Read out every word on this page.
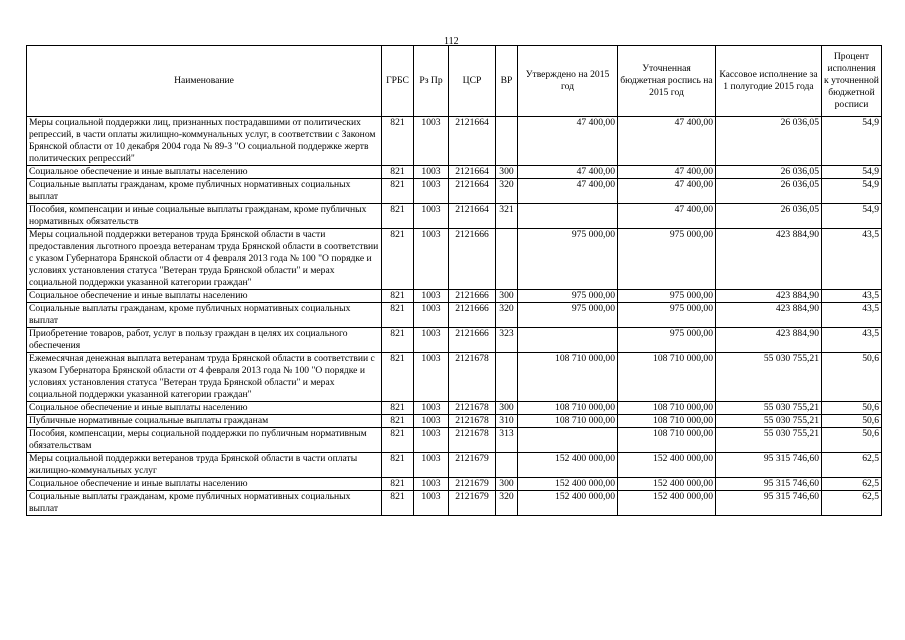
112
Наименование	ГРБС	Рз Пр	ЦСР	ВР	Утверждено на 2015 год	Уточненная бюджетная роспись на 2015 год	Кассовое исполнение за 1 полугодие 2015 года	Процент исполнения к уточненной бюджетной росписи
Меры социальной поддержки лиц, признанных пострадавшими от политических репрессий, в части оплаты жилищно-коммунальных услуг, в соответствии с Законом Брянской области от 10 декабря 2004 года № 89-З "О социальной поддержке жертв политических репрессий"	821	1003	2121664		47 400,00	47 400,00	26 036,05	54,9
Социальное обеспечение и иные выплаты населению	821	1003	2121664	300	47 400,00	47 400,00	26 036,05	54,9
Социальные выплаты гражданам, кроме публичных нормативных социальных выплат	821	1003	2121664	320	47 400,00	47 400,00	26 036,05	54,9
Пособия, компенсации и иные социальные выплаты гражданам, кроме публичных нормативных обязательств	821	1003	2121664	321		47 400,00	26 036,05	54,9
Меры социальной поддержки ветеранов труда Брянской области в части предоставления льготного проезда ветеранам труда Брянской области в соответствии с указом Губернатора Брянской области от 4 февраля 2013 года № 100 "О порядке и условиях установления статуса "Ветеран труда Брянской области" и мерах социальной поддержки указанной категории граждан"	821	1003	2121666		975 000,00	975 000,00	423 884,90	43,5
Социальное обеспечение и иные выплаты населению	821	1003	2121666	300	975 000,00	975 000,00	423 884,90	43,5
Социальные выплаты гражданам, кроме публичных нормативных социальных выплат	821	1003	2121666	320	975 000,00	975 000,00	423 884,90	43,5
Приобретение товаров, работ, услуг в пользу граждан в целях их социального обеспечения	821	1003	2121666	323		975 000,00	423 884,90	43,5
Ежемесячная денежная выплата ветеранам труда Брянской области в соответствии с указом Губернатора Брянской области от 4 февраля 2013 года № 100 "О порядке и условиях установления статуса "Ветеран труда Брянской области" и мерах социальной поддержки указанной категории граждан"	821	1003	2121678		108 710 000,00	108 710 000,00	55 030 755,21	50,6
Социальное обеспечение и иные выплаты населению	821	1003	2121678	300	108 710 000,00	108 710 000,00	55 030 755,21	50,6
Публичные нормативные социальные выплаты гражданам	821	1003	2121678	310	108 710 000,00	108 710 000,00	55 030 755,21	50,6
Пособия, компенсации, меры социальной поддержки по публичным нормативным обязательствам	821	1003	2121678	313		108 710 000,00	55 030 755,21	50,6
Меры социальной поддержки ветеранов труда Брянской области в части оплаты жилищно-коммунальных услуг	821	1003	2121679		152 400 000,00	152 400 000,00	95 315 746,60	62,5
Социальное обеспечение и иные выплаты населению	821	1003	2121679	300	152 400 000,00	152 400 000,00	95 315 746,60	62,5
Социальные выплаты гражданам, кроме публичных нормативных социальных выплат	821	1003	2121679	320	152 400 000,00	152 400 000,00	95 315 746,60	62,5
